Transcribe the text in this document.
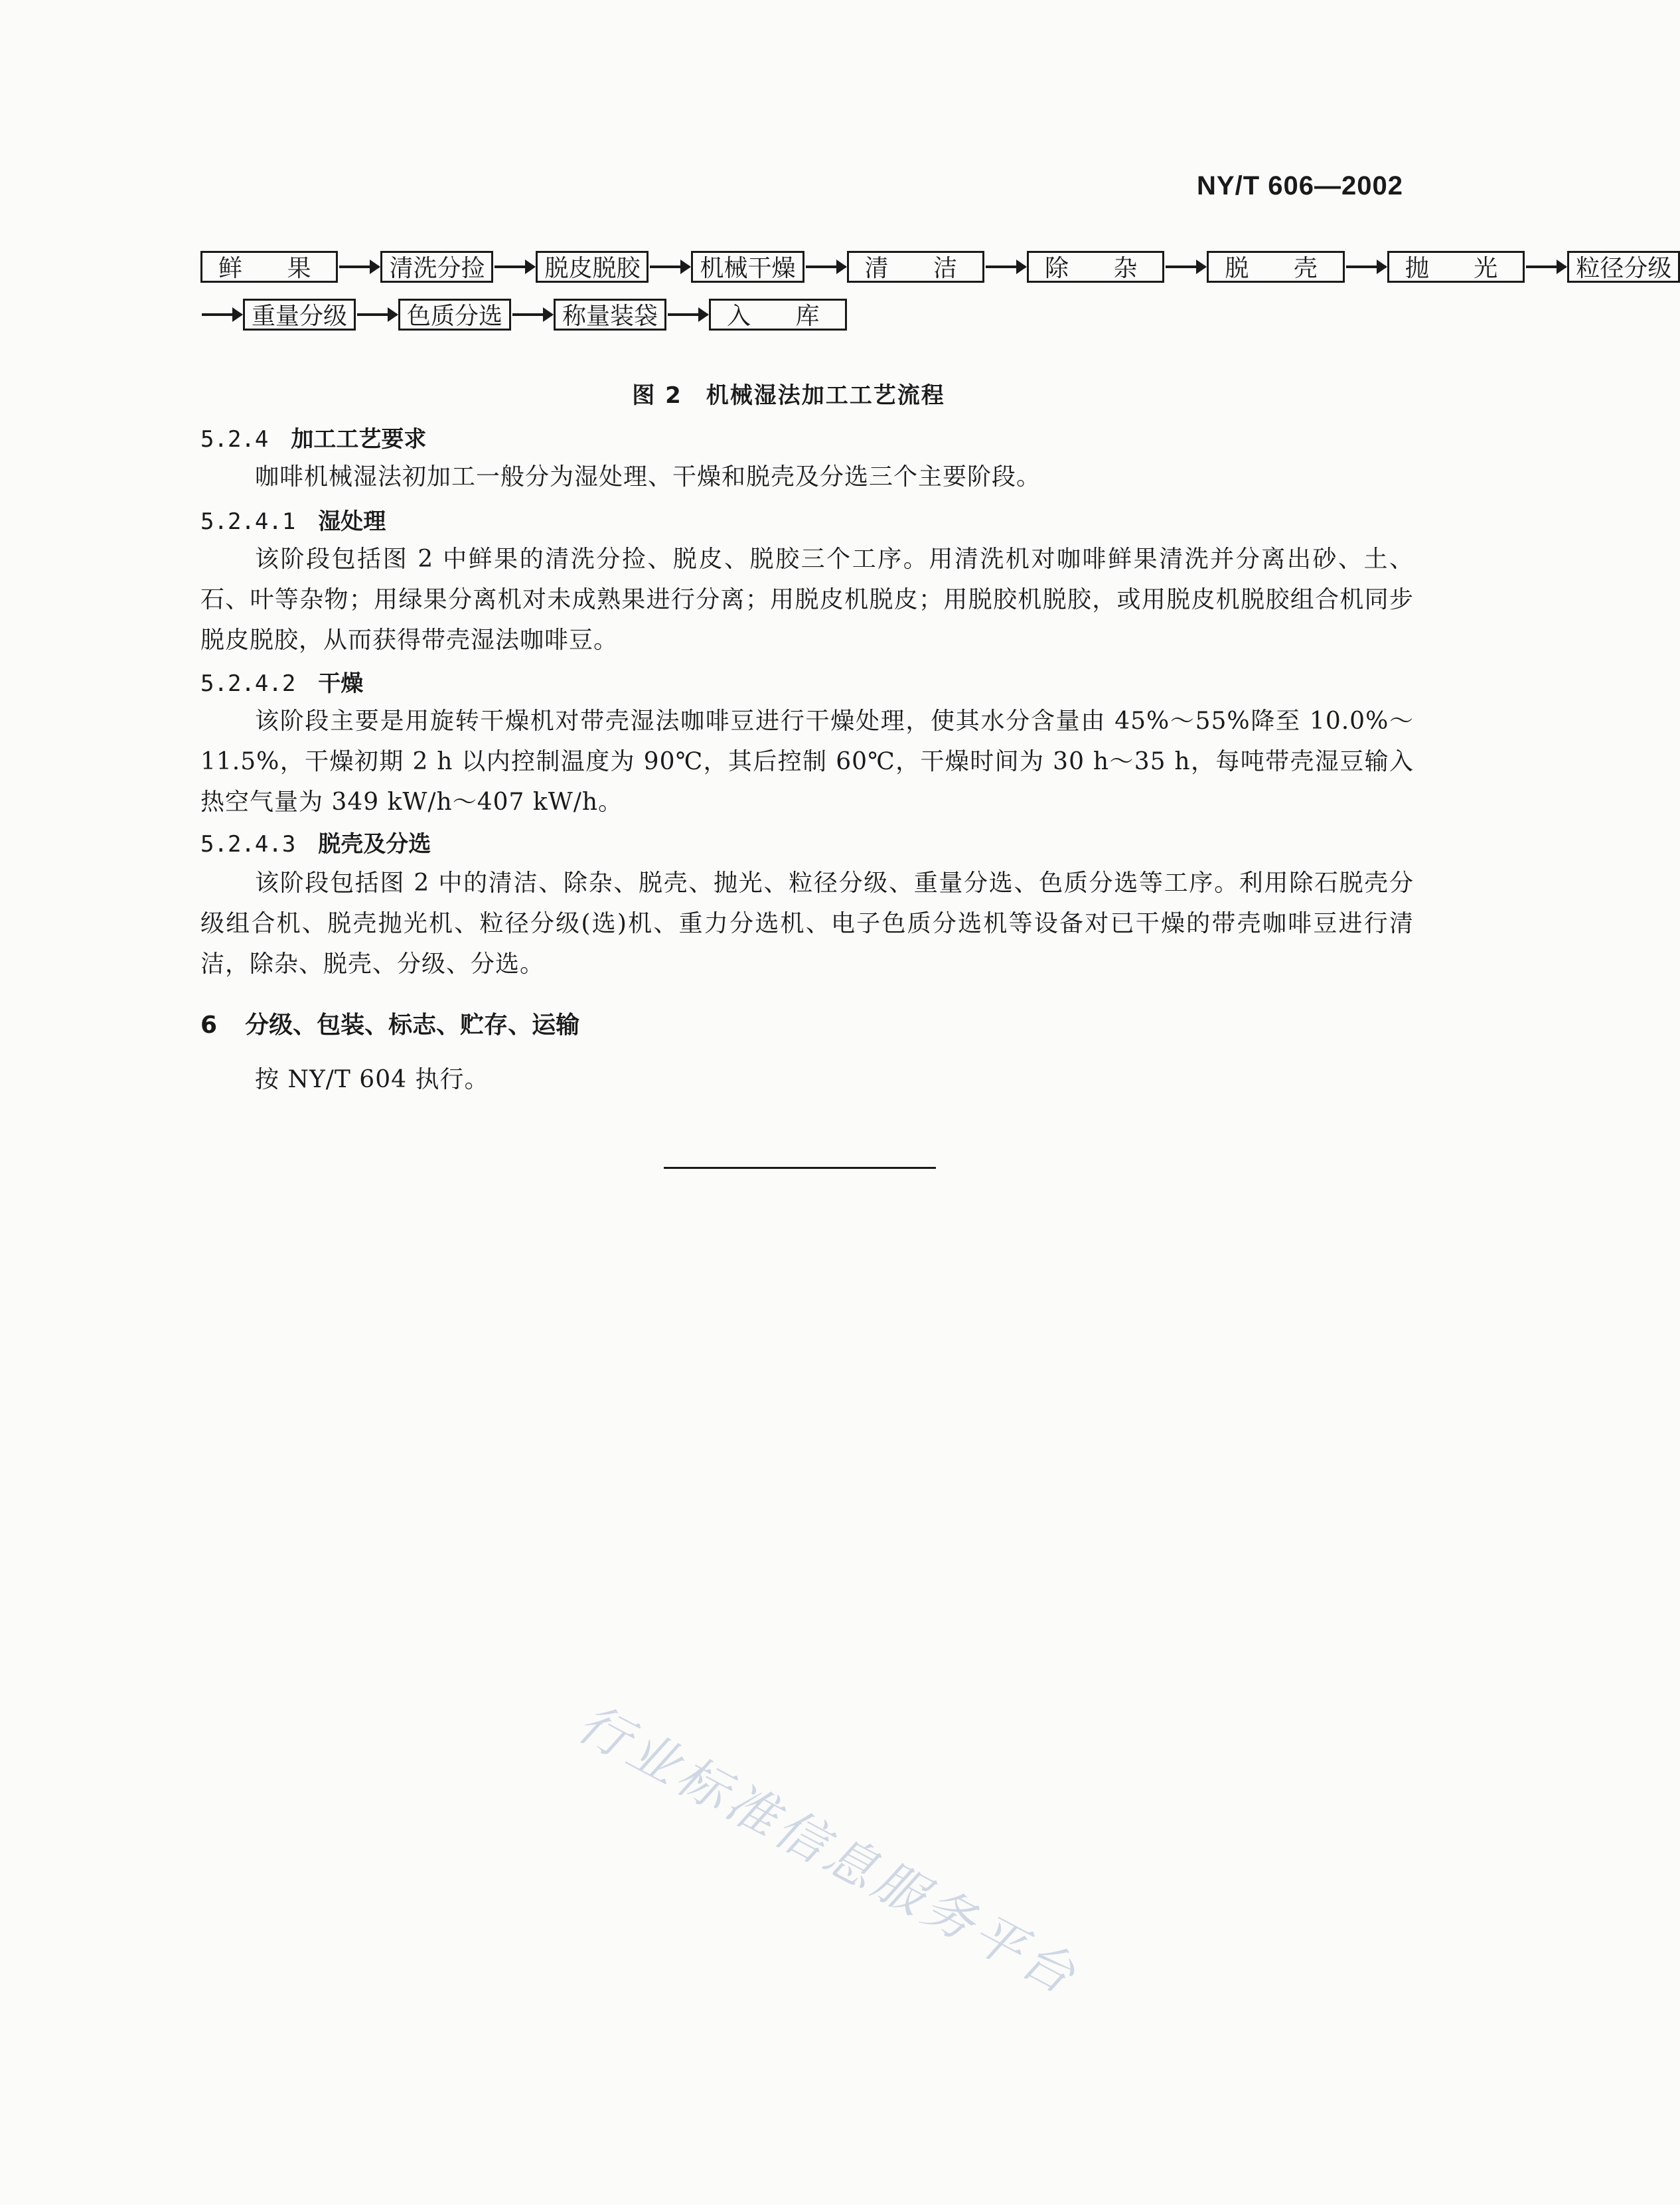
NY/T 606—2002
鲜 果	清洗分捡	脱皮脱胶	机械干燥	清 洁	除 杂	脱 壳	抛 光	粒径分级
重量分级	色质分选	称量装袋	入 库
图 2　机械湿法加工工艺流程
5.2.4 加工工艺要求
咖啡机械湿法初加工一般分为湿处理、干燥和脱壳及分选三个主要阶段。
5.2.4.1 湿处理
该阶段包括图 2 中鲜果的清洗分捡、脱皮、脱胶三个工序。用清洗机对咖啡鲜果清洗并分离出砂、土、石、叶等杂物；用绿果分离机对未成熟果进行分离；用脱皮机脱皮；用脱胶机脱胶，或用脱皮机脱胶组合机同步脱皮脱胶，从而获得带壳湿法咖啡豆。
5.2.4.2 干燥
该阶段主要是用旋转干燥机对带壳湿法咖啡豆进行干燥处理，使其水分含量由 45%～55%降至 10.0%～11.5%，干燥初期 2 h 以内控制温度为 90℃，其后控制 60℃，干燥时间为 30 h～35 h，每吨带壳湿豆输入热空气量为 349 kW/h～407 kW/h。
5.2.4.3 脱壳及分选
该阶段包括图 2 中的清洁、除杂、脱壳、抛光、粒径分级、重量分选、色质分选等工序。利用除石脱壳分级组合机、脱壳抛光机、粒径分级(选)机、重力分选机、电子色质分选机等设备对已干燥的带壳咖啡豆进行清洁，除杂、脱壳、分级、分选。
6 分级、包装、标志、贮存、运输
按 NY/T 604 执行。
行业标准信息服务平台
